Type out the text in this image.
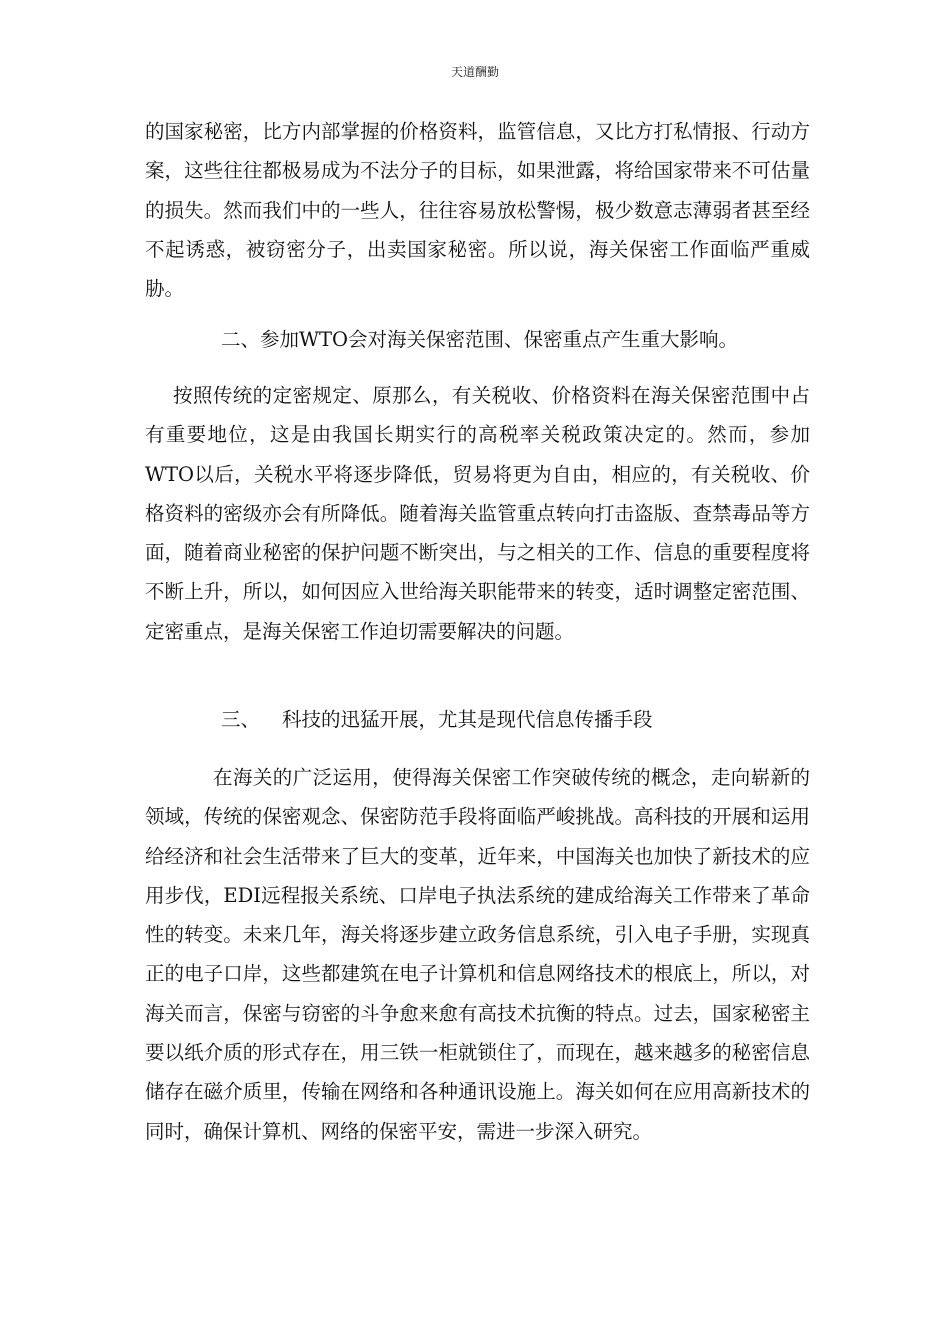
天道酬勤

的国家秘密，比方内部掌握的价格资料，监管信息，又比方打私情报、行动方案，这些往往都极易成为不法分子的目标，如果泄露，将给国家带来不可估量的损失。然而我们中的一些人，往往容易放松警惕，极少数意志薄弱者甚至经不起诱惑，被窃密分子，出卖国家秘密。所以说，海关保密工作面临严重威胁。

二、参加WTO会对海关保密范围、保密重点产生重大影响。

按照传统的定密规定、原那么，有关税收、价格资料在海关保密范围中占有重要地位，这是由我国长期实行的高税率关税政策决定的。然而，参加WTO以后，关税水平将逐步降低，贸易将更为自由，相应的，有关税收、价格资料的密级亦会有所降低。随着海关监管重点转向打击盗版、查禁毒品等方面，随着商业秘密的保护问题不断突出，与之相关的工作、信息的重要程度将不断上升，所以，如何因应入世给海关职能带来的转变，适时调整定密范围、定密重点，是海关保密工作迫切需要解决的问题。

三、 科技的迅猛开展，尤其是现代信息传播手段

在海关的广泛运用，使得海关保密工作突破传统的概念，走向崭新的领域，传统的保密观念、保密防范手段将面临严峻挑战。高科技的开展和运用给经济和社会生活带来了巨大的变革，近年来，中国海关也加快了新技术的应用步伐，EDI远程报关系统、口岸电子执法系统的建成给海关工作带来了革命性的转变。未来几年，海关将逐步建立政务信息系统，引入电子手册，实现真正的电子口岸，这些都建筑在电子计算机和信息网络技术的根底上，所以，对海关而言，保密与窃密的斗争愈来愈有高技术抗衡的特点。过去，国家秘密主要以纸介质的形式存在，用三铁一柜就锁住了，而现在，越来越多的秘密信息储存在磁介质里，传输在网络和各种通讯设施上。海关如何在应用高新技术的同时，确保计算机、网络的保密平安，需进一步深入研究。
